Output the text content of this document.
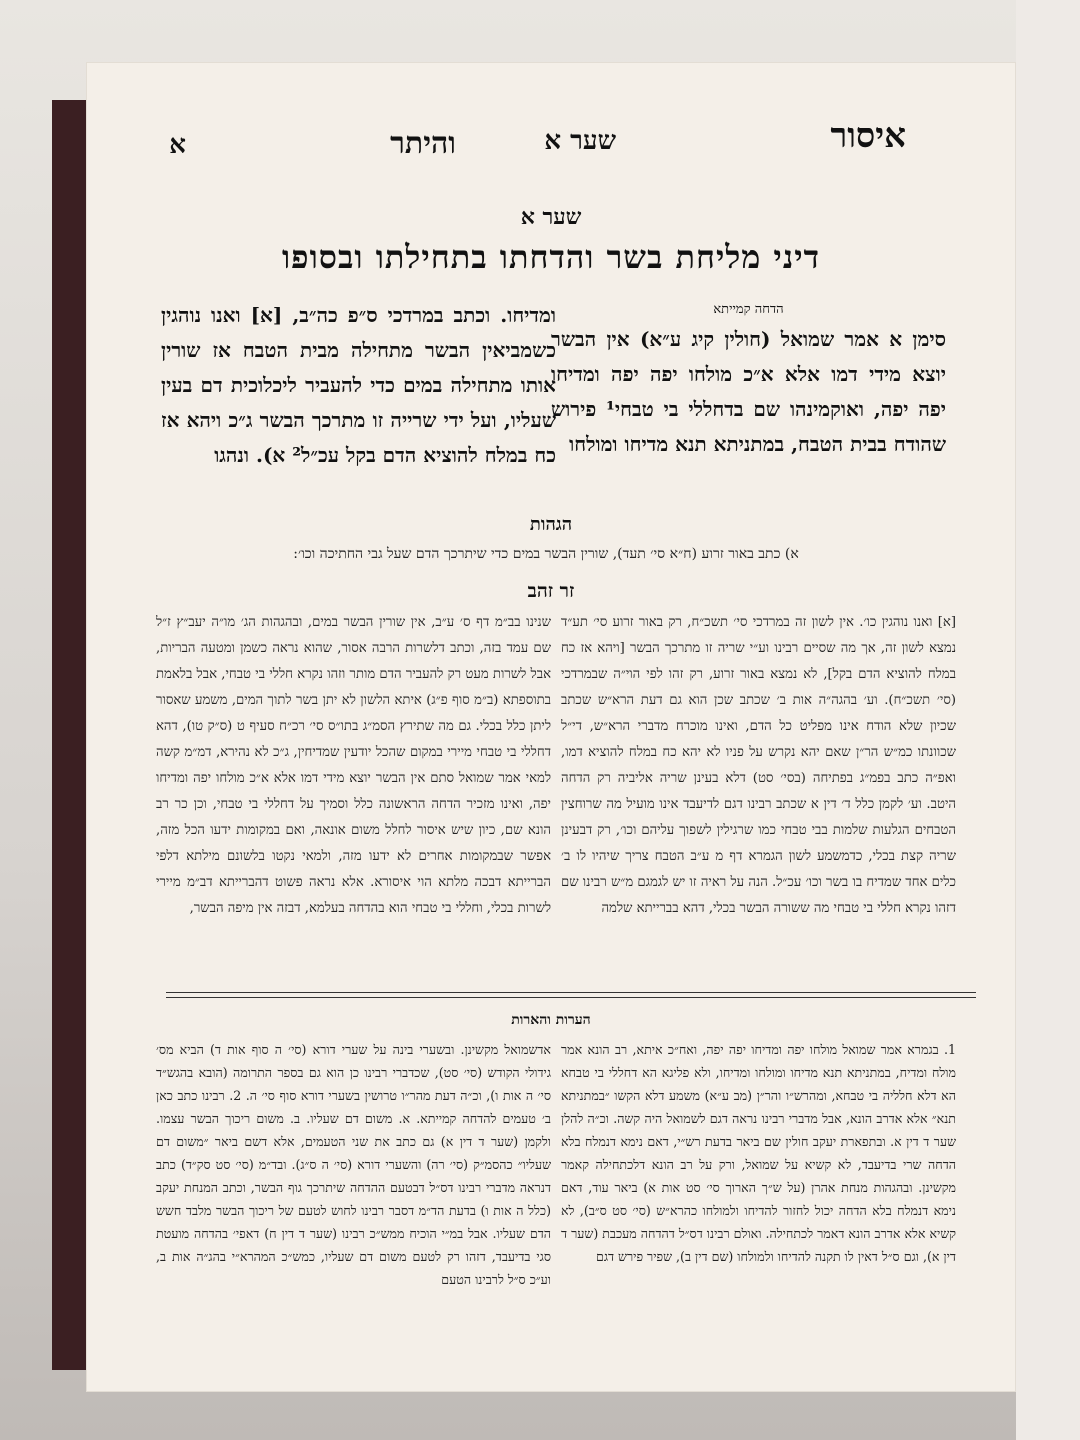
איסור
שער א
והיתר
א
שער א
דיני מליחת בשר והדחתו בתחילתו ובסופו
הדחה קמייתא
סימן א אמר שמואל (חולין קיג ע״א) אין הבשר יוצא מידי דמו אלא א״כ מולחו יפה יפה ומדיחו יפה יפה, ואוקמינהו שם בדחללי בי טבחי¹ פירוש שהודח בבית הטבח, במתניתא תנא מדיחו ומולחו
ומדיחו. וכתב במרדכי ס״פ כה״ב, [א] ואנו נוהגין כשמביאין הבשר מתחילה מבית הטבח אז שורין אותו מתחילה במים כדי להעביר ליכלוכית דם בעין שעליו, ועל ידי שרייה זו מתרכך הבשר ג״כ ויהא אז כח במלח להוציא הדם בקל עכ״ל² א). ונהגו
הגהות
א) כתב באור זרוע (ח״א סי׳ תעד), שורין הבשר במים כדי שיתרכך הדם שעל גבי החתיכה וכו׳:
זר זהב
[א] ואנו נוהגין כו׳. אין לשון זה במרדכי סי׳ תשכ״ח, רק באור זרוע סי׳ תע״ד נמצא לשון זה, אך מה שסיים רבינו וע״י שריה זו מתרכך הבשר [ויהא אז כח במלח להוציא הדם בקל], לא נמצא באור זרוע, רק זהו לפי הוי״ה שבמרדכי (סי׳ תשכ״ח). וע׳ בהגה״ה אות ב׳ שכתב שכן הוא גם דעת הרא״ש שכתב שכיון שלא הודח אינו מפליט כל הדם, ואינו מוכרח מדברי הרא״ש, די״ל שכוונתו כמ״ש הר״ן שאם יהא נקרש על פניו לא יהא כח במלח להוציא דמו, ואפ״ה כתב בפמ״ג בפתיחה (בסי׳ סט) דלא בעינן שריה אליביה רק הדחה היטב. וע׳ לקמן כלל ד׳ דין א שכתב רבינו דגם לדיעבד אינו מועיל מה שרוחצין הטבחים הגלעות שלמות בבי טבחי כמו שרגילין לשפוך עליהם וכו׳, רק דבעינן שריה קצת בכלי, כדמשמע לשון הגמרא דף מ ע״ב הטבח צריך שיהיו לו ב׳ כלים אחד שמדיח בו בשר וכו׳ עכ״ל. הנה על ראיה זו יש לגמגם מ״ש רבינו שם דזהו נקרא חללי בי טבחי מה ששורה הבשר בכלי, דהא בברייתא שלמה
שנינו בב״מ דף ס׳ ע״ב, אין שורין הבשר במים, ובהגהות הג׳ מו״ה יעב״ץ ז״ל שם עמד בזה, וכתב דלשרות הרבה אסור, שהוא נראה כשמן ומטעה הבריות, אבל לשרות מעט רק להעביר הדם מותר וזהו נקרא חללי בי טבחי, אבל בלאמת בתוספתא (ב״מ סוף פ״ג) איתא הלשון לא יתן בשר לתוך המים, משמע שאסור ליתן כלל בכלי. גם מה שתירץ הסמ״ג בתו״ס סי׳ רכ״ח סעיף ט (ס״ק טו), דהא דחללי בי טבחי מיירי במקום שהכל יודעין שמדיחין, ג״כ לא נהירא, דמ״מ קשה למאי אמר שמואל סתם אין הבשר יוצא מידי דמו אלא א״כ מולחו יפה ומדיחו יפה, ואינו מזכיר הדחה הראשונה כלל וסמיך על דחללי בי טבחי, וכן כר רב הונא שם, כיון שיש איסור לחלל משום אונאה, ואם במקומות ידעו הכל מזה, אפשר שבמקומות אחרים לא ידעו מזה, ולמאי נקטו בלשונם מילתא דלפי הברייתא דבכה מלתא הוי איסורא. אלא נראה פשוט דהברייתא דב״מ מיירי לשרות בכלי, וחללי בי טבחי הוא בהדחה בעלמא, דבזה אין מיפה הבשר,
הערות והארות
1. בגמרא אמר שמואל מולחו יפה ומדיחו יפה יפה, ואח״כ איתא, רב הונא אמר מולח ומדיח, במתניתא תנא מדיחו ומולחו ומדיחו, ולא פליגא הא דחללי בי טבחא הא דלא חלליה בי טבחא, ומהרש״ו והר״ן (מב ע״א) משמע דלא הקשו ״במתניתא תנא״ אלא אדרב הונא, אבל מדברי רבינו נראה דגם לשמואל היה קשה. וכ״ה להלן שער ד דין א. ובתפארת יעקב חולין שם ביאר בדעת רש״י, דאם נימא דנמלח בלא הדחה שרי בדיעבד, לא קשיא על שמואל, ורק על רב הונא דלכתחילה קאמר מקשינן. ובהגהות מנחת אהרן (על ש״ך הארוך סי׳ סט אות א) ביאר עוד, דאם נימא דנמלח בלא הדחה יכול לחזור להדיחו ולמולחו כהרא״ש (סי׳ סט ס״ב), לא קשיא אלא אדרב הונא דאמר לכתחילה. ואולם רבינו דס״ל דהדחה מעכבת (שער ד דין א), וגם ס״ל דאין לו תקנה להדיחו ולמולחו (שם דין ב), שפיר פירש דגם
אדשמואל מקשינן. ובשערי בינה על שערי דורא (סי׳ ה סוף אות ד) הביא מס׳ גידולי הקודש (סי׳ סט), שכדברי רבינו כן הוא גם בספר התרומה (הובא בהגש״ד סי׳ ה אות ו), וכ״ה דעת מהר״ו טרושין בשערי דורא סוף סי׳ ה. 2. רבינו כתב כאן ב׳ טעמים להדחה קמייתא. א. משום דם שעליו. ב. משום ריכוך הבשר עצמו. ולקמן (שער ד דין א) גם כתב את שני הטעמים, אלא דשם ביאר ״משום דם שעליו״ כהסמ״ק (סי׳ רה) והשערי דורא (סי׳ ה ס״ג). ובד״מ (סי׳ סט סק״ד) כתב דנראה מדברי רבינו דס״ל דבטעם ההדחה שיתרכך גוף הבשר, וכתב המנחת יעקב (כלל ה אות ו) בדעת הד״מ דסבר רבינו לחוש לטעם של ריכוך הבשר מלבד חשש הדם שעליו. אבל במ״י הוכיח ממש״כ רבינו (שער ד דין ח) דאפי׳ בהדחה מועטת סגי בדיעבד, דזהו רק לטעם משום דם שעליו, כמש״כ המהרא״י בהג״ה אות ב, וע״כ ס״ל לרבינו הטעם
